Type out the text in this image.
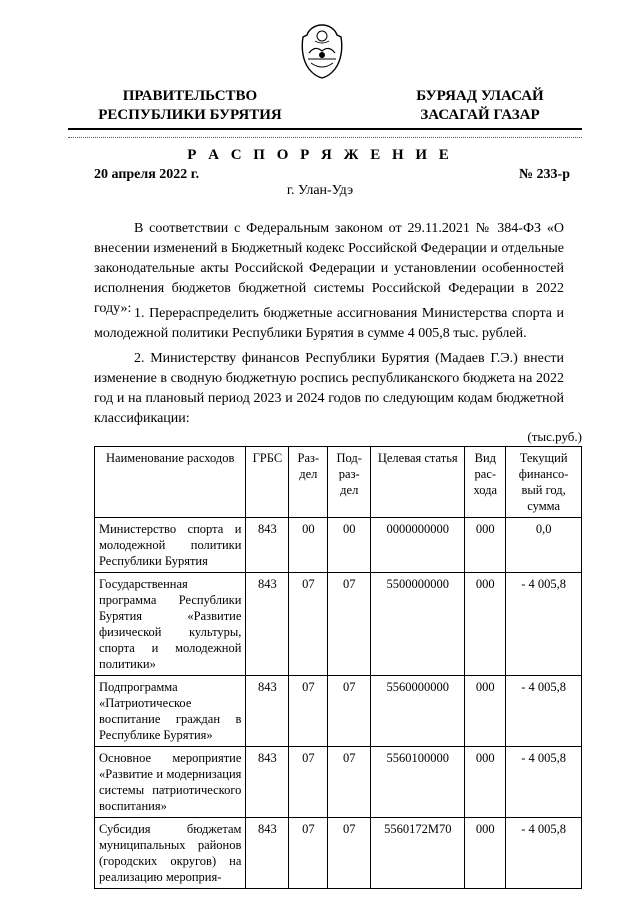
ПРАВИТЕЛЬСТВО
РЕСПУБЛИКИ БУРЯТИЯ
БУРЯАД УЛАСАЙ
ЗАСАГАЙ ГАЗАР
Р А С П О Р Я Ж Е Н И Е
20 апреля 2022 г.	№ 233-р
г. Улан-Удэ

В соответствии с Федеральным законом от 29.11.2021 № 384-ФЗ «О внесении изменений в Бюджетный кодекс Российской Федерации и отдельные законодательные акты Российской Федерации и установлении особенностей исполнения бюджетов бюджетной системы Российской Федерации в 2022 году»: 1. Перераспределить бюджетные ассигнования Министерства спорта и молодежной политики Республики Бурятия в сумме 4 005,8 тыс. рублей.

2. Министерству финансов Республики Бурятия (Мадаев Г.Э.) внести изменение в сводную бюджетную роспись республиканского бюджета на 2022 год и на плановый период 2023 и 2024 годов по следующим кодам бюджетной классификации:

(тыс.руб.)
Наименование расходов	ГРБС	Раз-дел	Под-раз-дел	Целевая статья	Вид рас-хода	Текущий финансо-вый год, сумма
Министерство спорта и молодежной политики Республики Бурятия	843	00	00	0000000000	000	0,0
Государственная программа Республики Бурятия «Развитие физической культуры, спорта и молодежной политики»	843	07	07	5500000000	000	- 4 005,8
Подпрограмма «Патриотическое воспитание граждан в Республике Бурятия»	843	07	07	5560000000	000	- 4 005,8
Основное мероприятие «Развитие и модернизация системы патриотического воспитания»	843	07	07	5560100000	000	- 4 005,8
Субсидия бюджетам муниципальных районов (городских округов) на реализацию мероприя-	843	07	07	5560172М70	000	- 4 005,8
